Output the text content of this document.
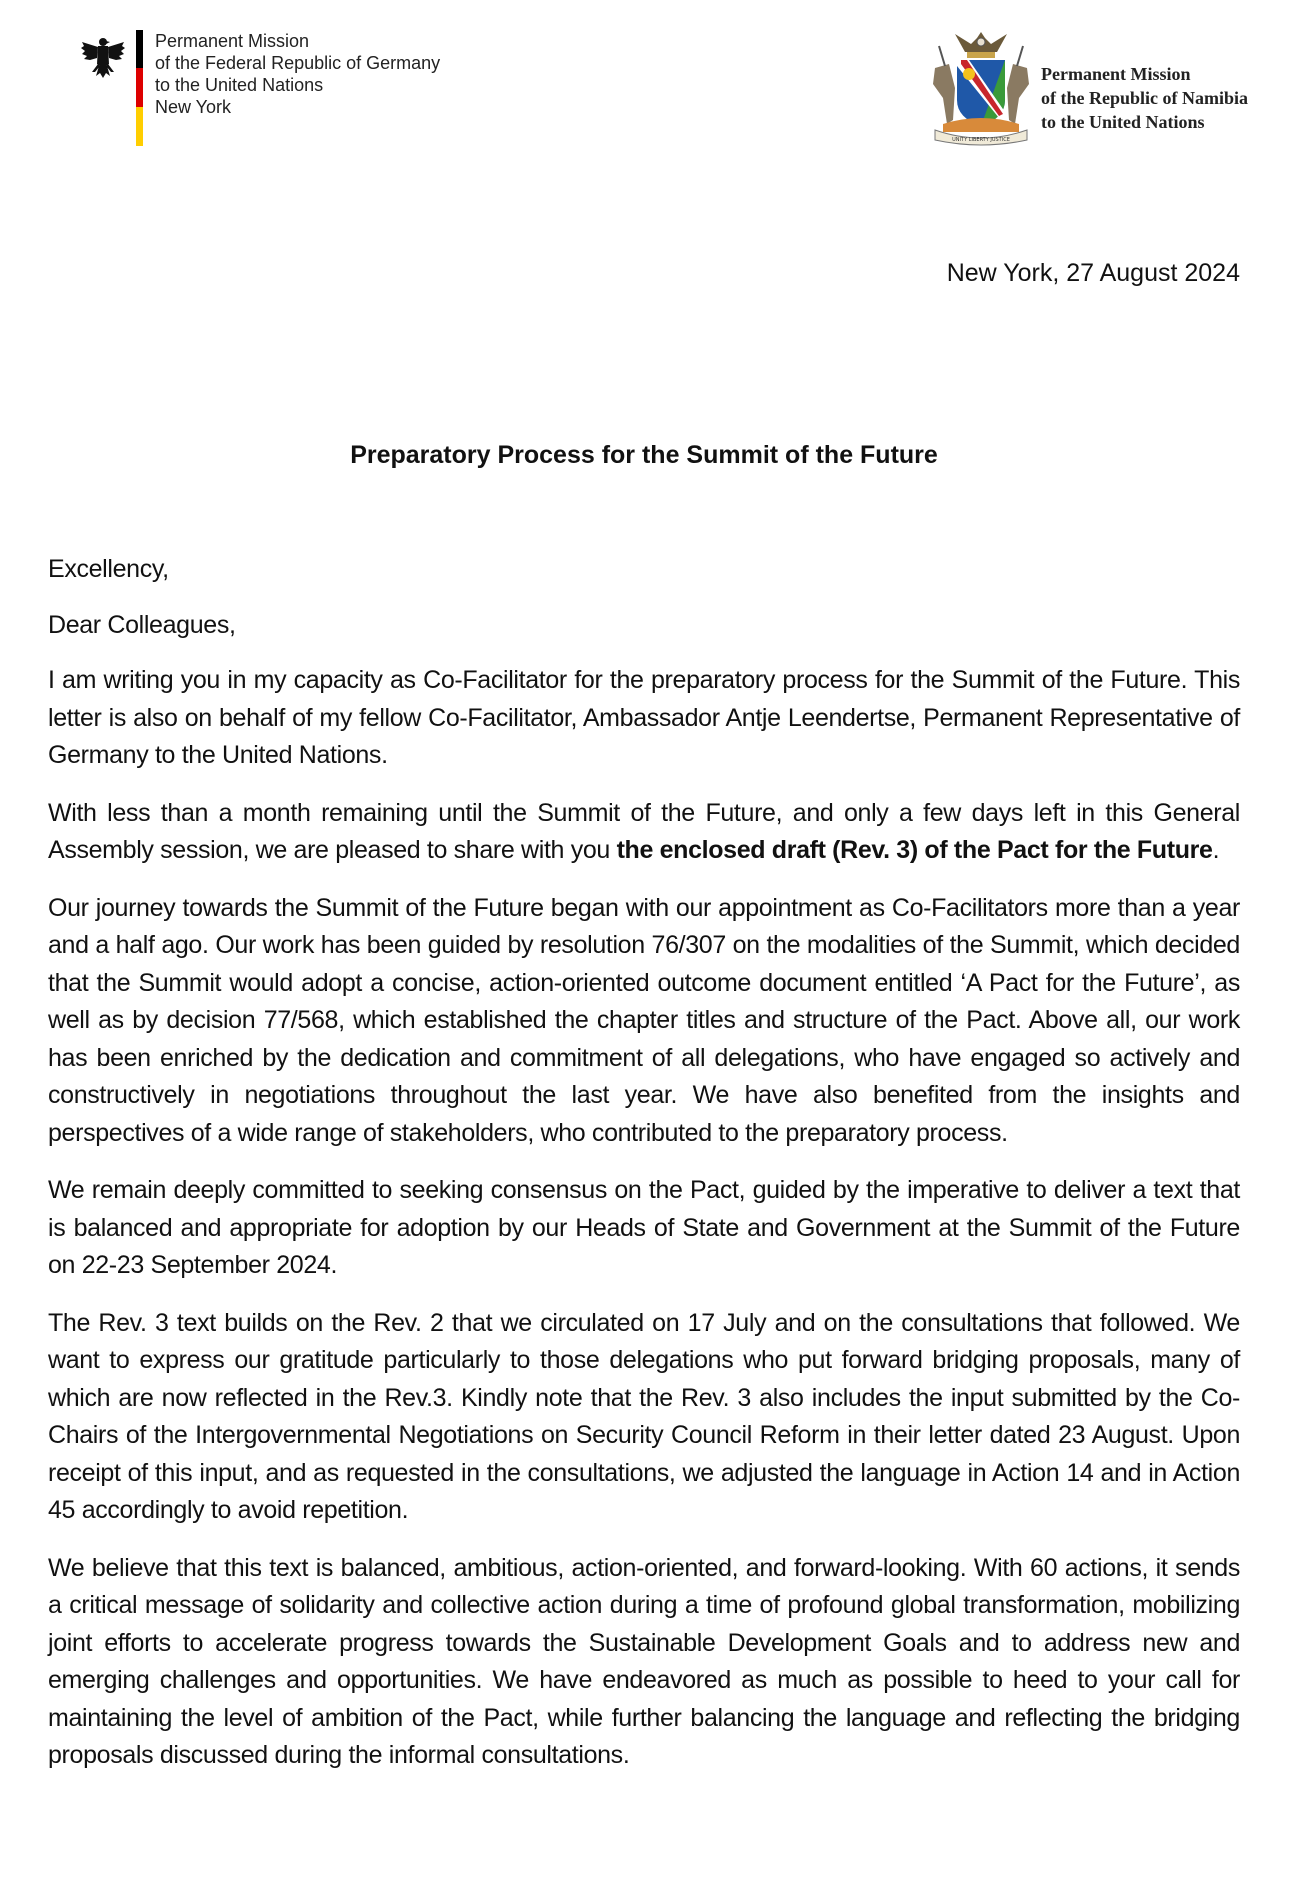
Permanent Mission
of the Federal Republic of Germany
to the United Nations
New York
UNITY LIBERTY JUSTICE
Permanent Mission
of the Republic of Namibia
to the United Nations
New York, 27 August 2024
Preparatory Process for the Summit of the Future

Excellency,

Dear Colleagues,

I am writing you in my capacity as Co-Facilitator for the preparatory process for the Summit of the Future. This letter is also on behalf of my fellow Co-Facilitator, Ambassador Antje Leendertse, Permanent Representative of Germany to the United Nations.

With less than a month remaining until the Summit of the Future, and only a few days left in this General Assembly session, we are pleased to share with you the enclosed draft (Rev. 3) of the Pact for the Future.

Our journey towards the Summit of the Future began with our appointment as Co-Facilitators more than a year and a half ago. Our work has been guided by resolution 76/307 on the modalities of the Summit, which decided that the Summit would adopt a concise, action-oriented outcome document entitled ‘A Pact for the Future’, as well as by decision 77/568, which established the chapter titles and structure of the Pact. Above all, our work has been enriched by the dedication and commitment of all delegations, who have engaged so actively and constructively in negotiations throughout the last year. We have also benefited from the insights and perspectives of a wide range of stakeholders, who contributed to the preparatory process.

We remain deeply committed to seeking consensus on the Pact, guided by the imperative to deliver a text that is balanced and appropriate for adoption by our Heads of State and Government at the Summit of the Future on 22-23 September 2024.

The Rev. 3 text builds on the Rev. 2 that we circulated on 17 July and on the consultations that followed. We want to express our gratitude particularly to those delegations who put forward bridging proposals, many of which are now reflected in the Rev.3. Kindly note that the Rev. 3 also includes the input submitted by the Co-Chairs of the Intergovernmental Negotiations on Security Council Reform in their letter dated 23 August. Upon receipt of this input, and as requested in the consultations, we adjusted the language in Action 14 and in Action 45 accordingly to avoid repetition.

We believe that this text is balanced, ambitious, action-oriented, and forward-looking. With 60 actions, it sends a critical message of solidarity and collective action during a time of profound global transformation, mobilizing joint efforts to accelerate progress towards the Sustainable Development Goals and to address new and emerging challenges and opportunities. We have endeavored as much as possible to heed to your call for maintaining the level of ambition of the Pact, while further balancing the language and reflecting the bridging proposals discussed during the informal consultations.
